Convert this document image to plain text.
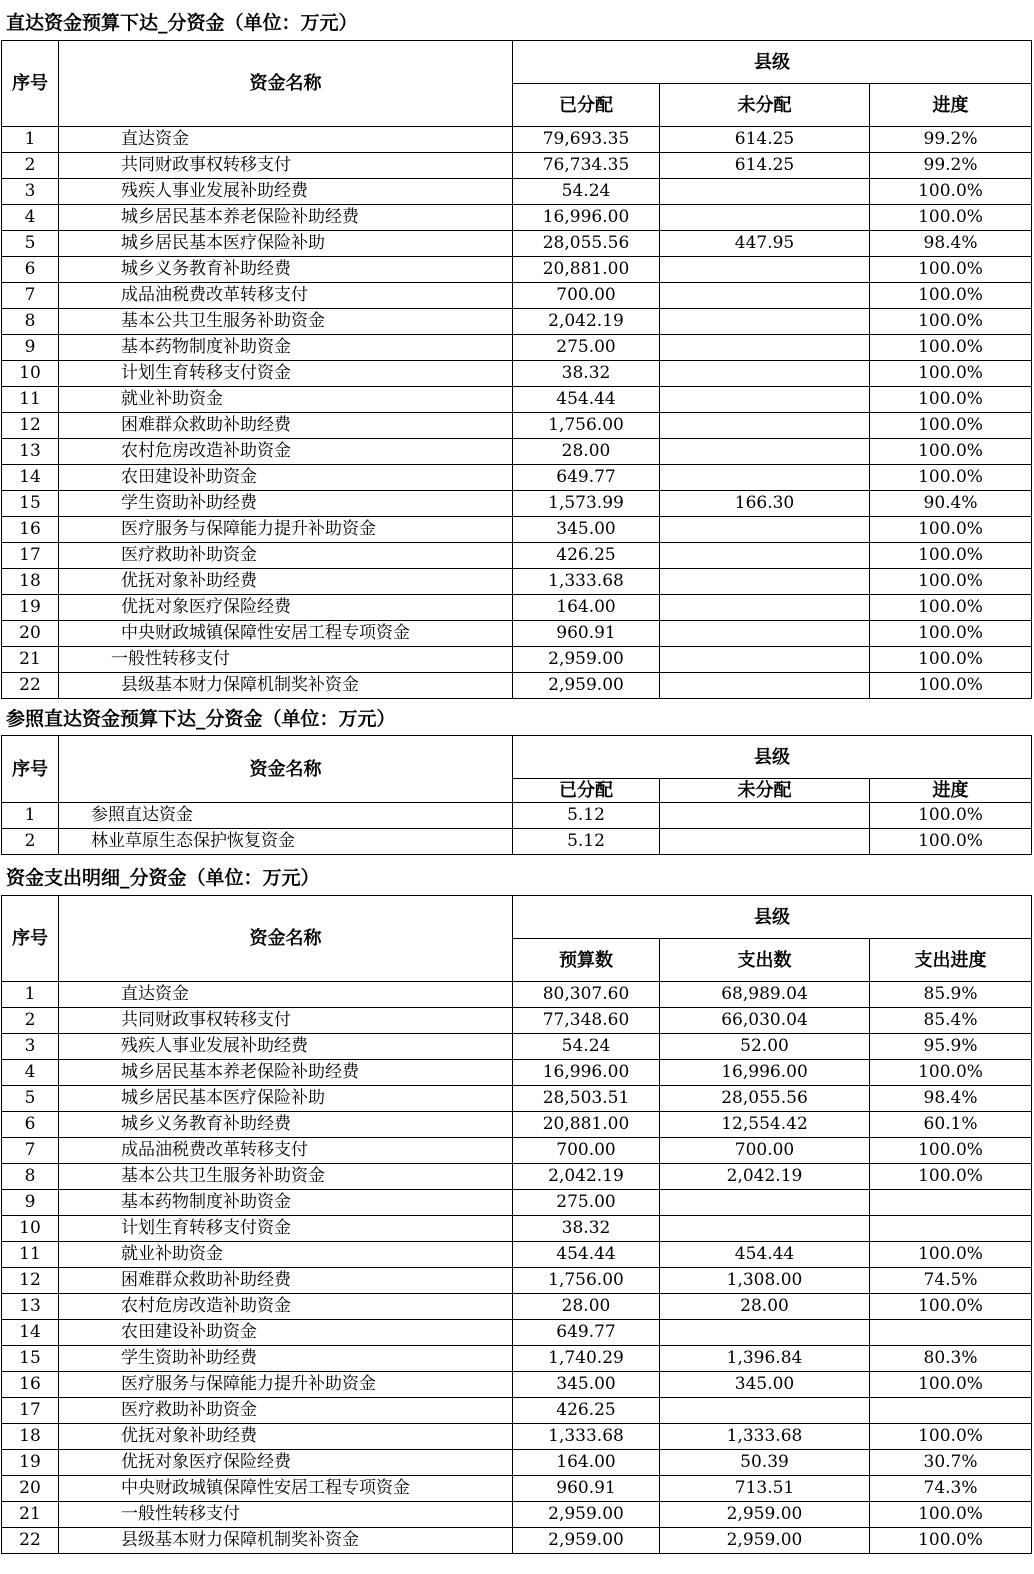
直达资金预算下达_分资金（单位：万元）
序号	资金名称	县级		
		已分配	未分配	进度
1	直达资金	79,693.35	614.25	99.2%
2	共同财政事权转移支付	76,734.35	614.25	99.2%
3	残疾人事业发展补助经费	54.24		100.0%
4	城乡居民基本养老保险补助经费	16,996.00		100.0%
5	城乡居民基本医疗保险补助	28,055.56	447.95	98.4%
6	城乡义务教育补助经费	20,881.00		100.0%
7	成品油税费改革转移支付	700.00		100.0%
8	基本公共卫生服务补助资金	2,042.19		100.0%
9	基本药物制度补助资金	275.00		100.0%
10	计划生育转移支付资金	38.32		100.0%
11	就业补助资金	454.44		100.0%
12	困难群众救助补助经费	1,756.00		100.0%
13	农村危房改造补助资金	28.00		100.0%
14	农田建设补助资金	649.77		100.0%
15	学生资助补助经费	1,573.99	166.30	90.4%
16	医疗服务与保障能力提升补助资金	345.00		100.0%
17	医疗救助补助资金	426.25		100.0%
18	优抚对象补助经费	1,333.68		100.0%
19	优抚对象医疗保险经费	164.00		100.0%
20	中央财政城镇保障性安居工程专项资金	960.91		100.0%
21	一般性转移支付	2,959.00		100.0%
22	县级基本财力保障机制奖补资金	2,959.00		100.0%
参照直达资金预算下达_分资金（单位：万元）
序号	资金名称	县级		
		已分配	未分配	进度
1	参照直达资金	5.12		100.0%
2	林业草原生态保护恢复资金	5.12		100.0%
资金支出明细_分资金（单位：万元）
序号	资金名称	县级		
		预算数	支出数	支出进度
1	直达资金	80,307.60	68,989.04	85.9%
2	共同财政事权转移支付	77,348.60	66,030.04	85.4%
3	残疾人事业发展补助经费	54.24	52.00	95.9%
4	城乡居民基本养老保险补助经费	16,996.00	16,996.00	100.0%
5	城乡居民基本医疗保险补助	28,503.51	28,055.56	98.4%
6	城乡义务教育补助经费	20,881.00	12,554.42	60.1%
7	成品油税费改革转移支付	700.00	700.00	100.0%
8	基本公共卫生服务补助资金	2,042.19	2,042.19	100.0%
9	基本药物制度补助资金	275.00		
10	计划生育转移支付资金	38.32		
11	就业补助资金	454.44	454.44	100.0%
12	困难群众救助补助经费	1,756.00	1,308.00	74.5%
13	农村危房改造补助资金	28.00	28.00	100.0%
14	农田建设补助资金	649.77		
15	学生资助补助经费	1,740.29	1,396.84	80.3%
16	医疗服务与保障能力提升补助资金	345.00	345.00	100.0%
17	医疗救助补助资金	426.25		
18	优抚对象补助经费	1,333.68	1,333.68	100.0%
19	优抚对象医疗保险经费	164.00	50.39	30.7%
20	中央财政城镇保障性安居工程专项资金	960.91	713.51	74.3%
21	一般性转移支付	2,959.00	2,959.00	100.0%
22	县级基本财力保障机制奖补资金	2,959.00	2,959.00	100.0%
